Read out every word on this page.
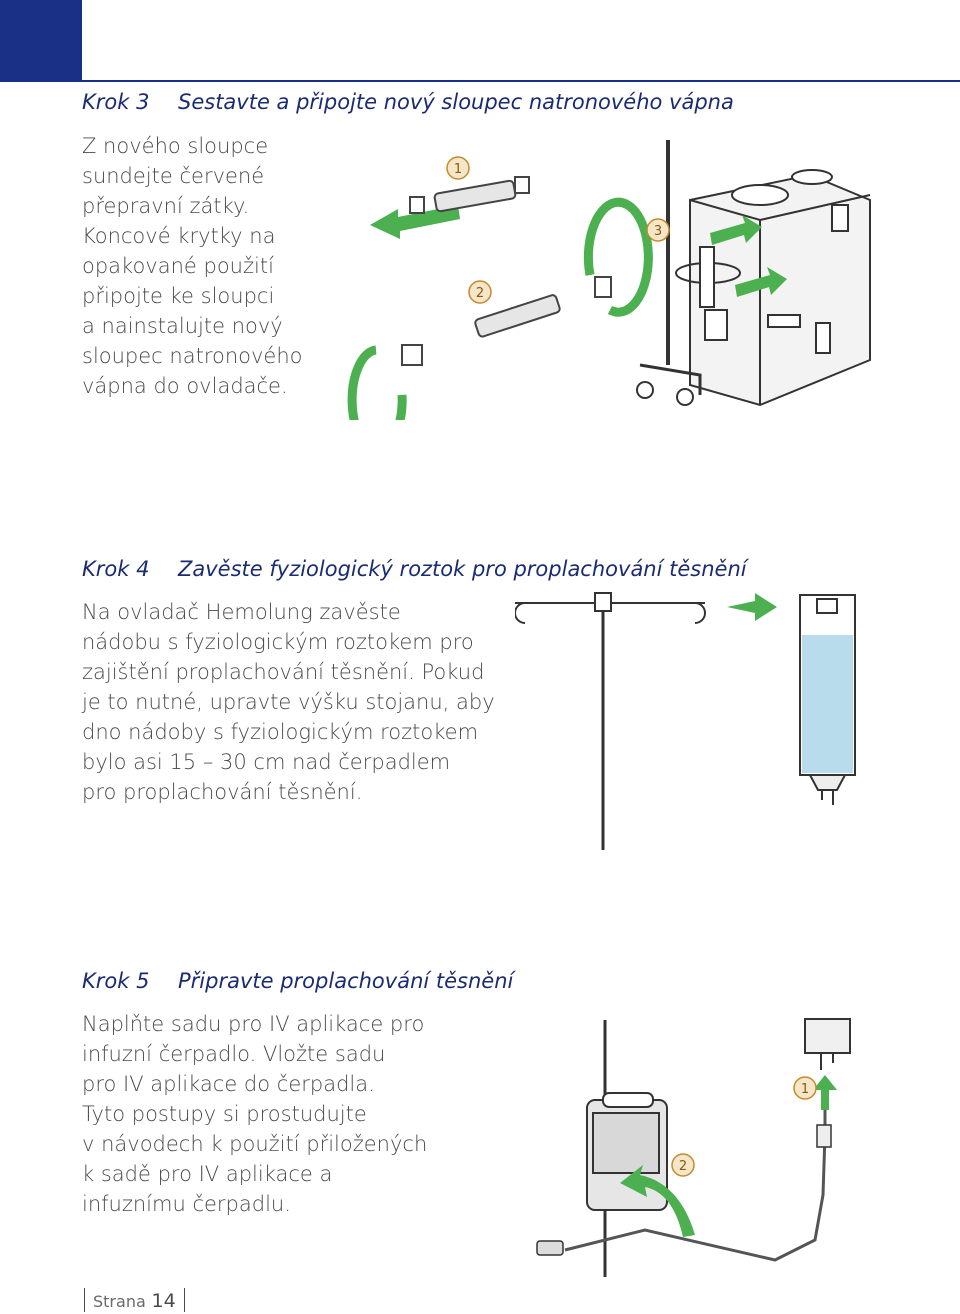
Krok 3 Sestavte a připojte nový sloupec natronového vápna
Z nového sloupce
sundejte červené
přepravní zátky.
Koncové krytky na
opakované použití
připojte ke sloupci
a nainstalujte nový
sloupec natronového
vápna do ovladače.
1
2
3
Krok 4 Zavěste fyziologický roztok pro proplachování těsnění
Na ovladač Hemolung zavěste
nádobu s fyziologickým roztokem pro
zajištění proplachování těsnění. Pokud
je to nutné, upravte výšku stojanu, aby
dno nádoby s fyziologickým roztokem
bylo asi 15 – 30 cm nad čerpadlem
pro proplachování těsnění.
Krok 5 Připravte proplachování těsnění
Naplňte sadu pro IV aplikace pro
infuzní čerpadlo. Vložte sadu
pro IV aplikace do čerpadla.
Tyto postupy si prostudujte
v návodech k použití přiložených
k sadě pro IV aplikace a
infuznímu čerpadlu.
1
2
Strana 14
